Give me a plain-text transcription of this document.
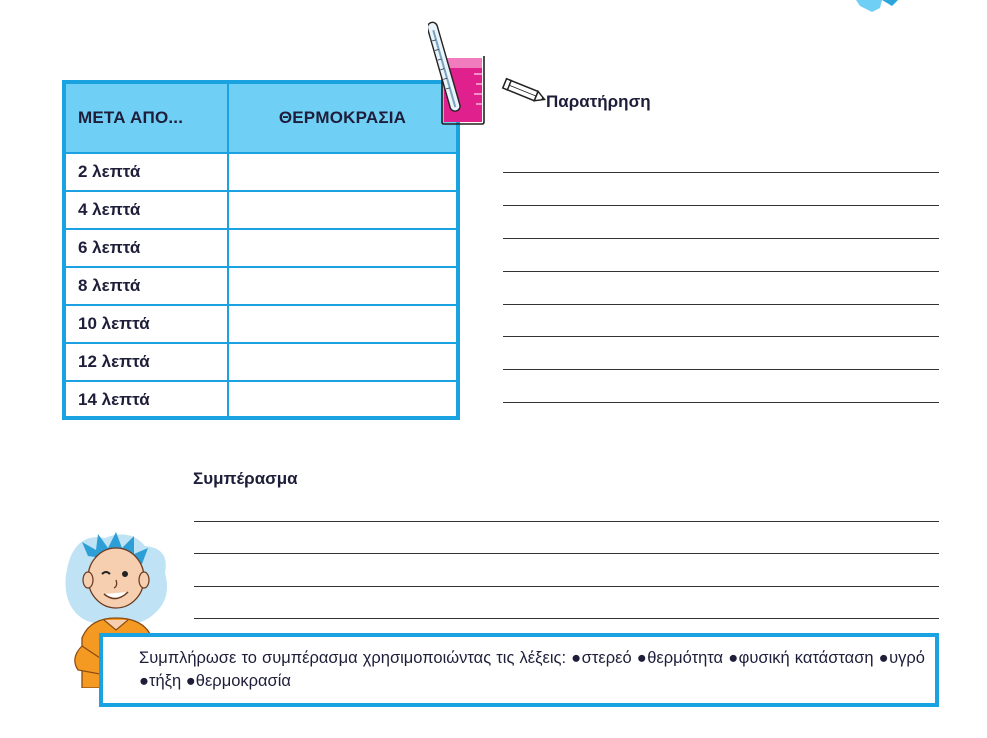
ΜΕΤΑ ΑΠΟ...	ΘΕΡΜΟΚΡΑΣΙΑ
2 λεπτά	
4 λεπτά	
6 λεπτά	
8 λεπτά	
10 λεπτά	
12 λεπτά	
14 λεπτά	
Παρατήρηση
Συμπέρασμα
Συμπλήρωσε το συμπέρασμα χρησιμοποιώντας τις λέξεις: ●στερεό ●θερμότητα ●φυσική κατάσταση ●υγρό ●τήξη ●θερμοκρασία
